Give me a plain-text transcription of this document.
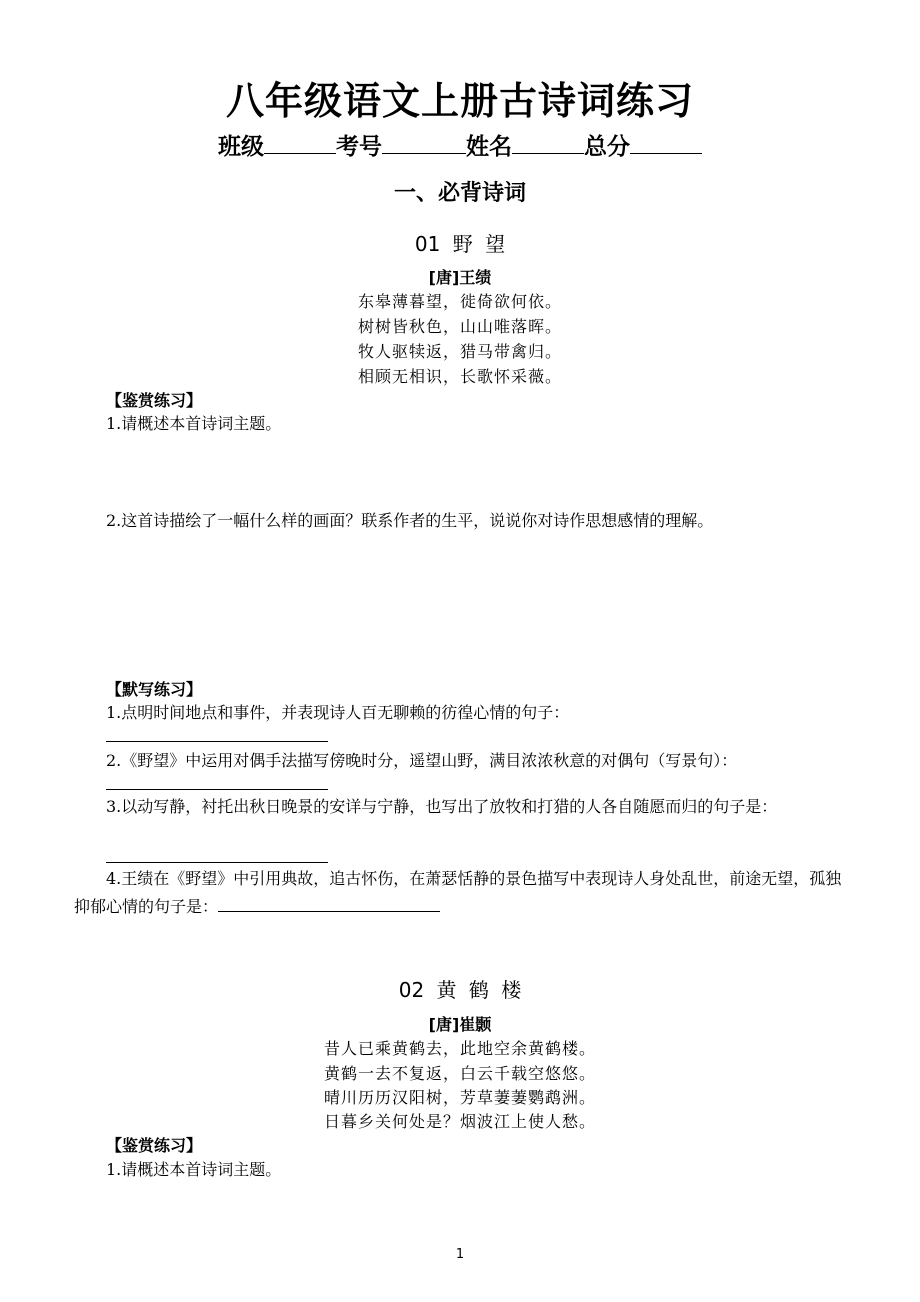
八年级语文上册古诗词练习
班级	考号	姓名	总分
一、必背诗词
01 野 望
[唐]王绩
东皋薄暮望，徙倚欲何依。
树树皆秋色，山山唯落晖。
牧人驱犊返，猎马带禽归。
相顾无相识，长歌怀采薇。
【鉴赏练习】
1.请概述本首诗词主题。
2.这首诗描绘了一幅什么样的画面？联系作者的生平，说说你对诗作思想感情的理解。
【默写练习】
1.点明时间地点和事件，并表现诗人百无聊赖的彷徨心情的句子：
2.《野望》中运用对偶手法描写傍晚时分，遥望山野，满目浓浓秋意的对偶句（写景句）：
3.以动写静，衬托出秋日晚景的安详与宁静，也写出了放牧和打猎的人各自随愿而归的句子是：
4.王绩在《野望》中引用典故，追古怀伤，在萧瑟恬静的景色描写中表现诗人身处乱世，前途无望，孤独抑郁心情的句子是：
02 黄 鹤 楼
[唐]崔颢
昔人已乘黄鹤去，此地空余黄鹤楼。
黄鹤一去不复返，白云千载空悠悠。
晴川历历汉阳树，芳草萋萋鹦鹉洲。
日暮乡关何处是？烟波江上使人愁。
【鉴赏练习】
1.请概述本首诗词主题。
1
